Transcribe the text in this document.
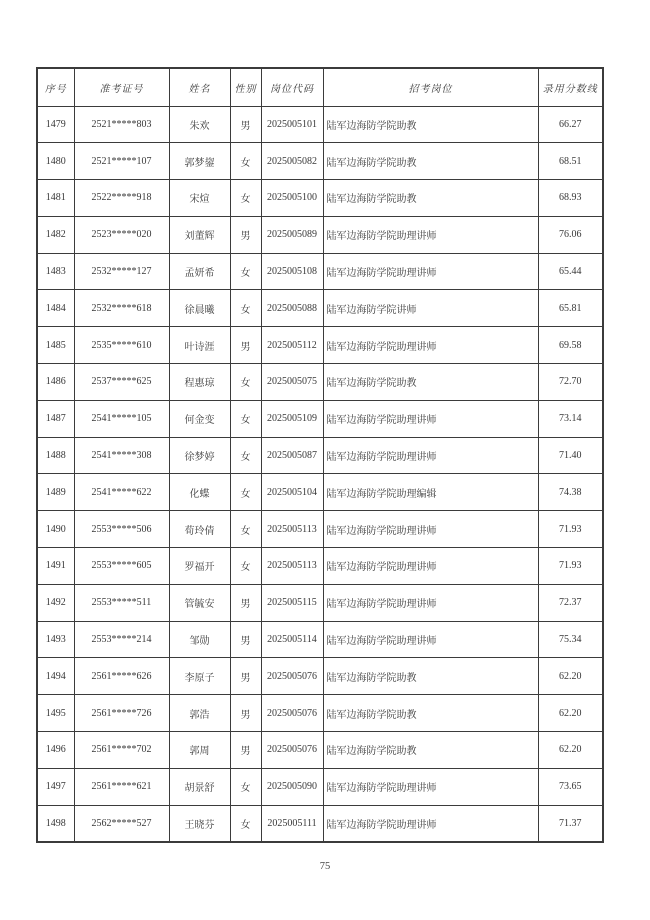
序号	准考证号	姓名	性别	岗位代码	招考岗位	录用分数线
1479	2521*****803	朱欢	男	2025005101	陆军边海防学院助教	66.27
1480	2521*****107	郭梦鋆	女	2025005082	陆军边海防学院助教	68.51
1481	2522*****918	宋煊	女	2025005100	陆军边海防学院助教	68.93
1482	2523*****020	刘董辉	男	2025005089	陆军边海防学院助理讲师	76.06
1483	2532*****127	孟妍希	女	2025005108	陆军边海防学院助理讲师	65.44
1484	2532*****618	徐晨曦	女	2025005088	陆军边海防学院讲师	65.81
1485	2535*****610	叶诗涯	男	2025005112	陆军边海防学院助理讲师	69.58
1486	2537*****625	程惠琼	女	2025005075	陆军边海防学院助教	72.70
1487	2541*****105	何金变	女	2025005109	陆军边海防学院助理讲师	73.14
1488	2541*****308	徐梦婷	女	2025005087	陆军边海防学院助理讲师	71.40
1489	2541*****622	化蝶	女	2025005104	陆军边海防学院助理编辑	74.38
1490	2553*****506	荀玲倩	女	2025005113	陆军边海防学院助理讲师	71.93
1491	2553*****605	罗福开	女	2025005113	陆军边海防学院助理讲师	71.93
1492	2553*****511	管毓安	男	2025005115	陆军边海防学院助理讲师	72.37
1493	2553*****214	邹勋	男	2025005114	陆军边海防学院助理讲师	75.34
1494	2561*****626	李原子	男	2025005076	陆军边海防学院助教	62.20
1495	2561*****726	郭浩	男	2025005076	陆军边海防学院助教	62.20
1496	2561*****702	郭周	男	2025005076	陆军边海防学院助教	62.20
1497	2561*****621	胡景舒	女	2025005090	陆军边海防学院助理讲师	73.65
1498	2562*****527	王晓芬	女	2025005111	陆军边海防学院助理讲师	71.37
75
